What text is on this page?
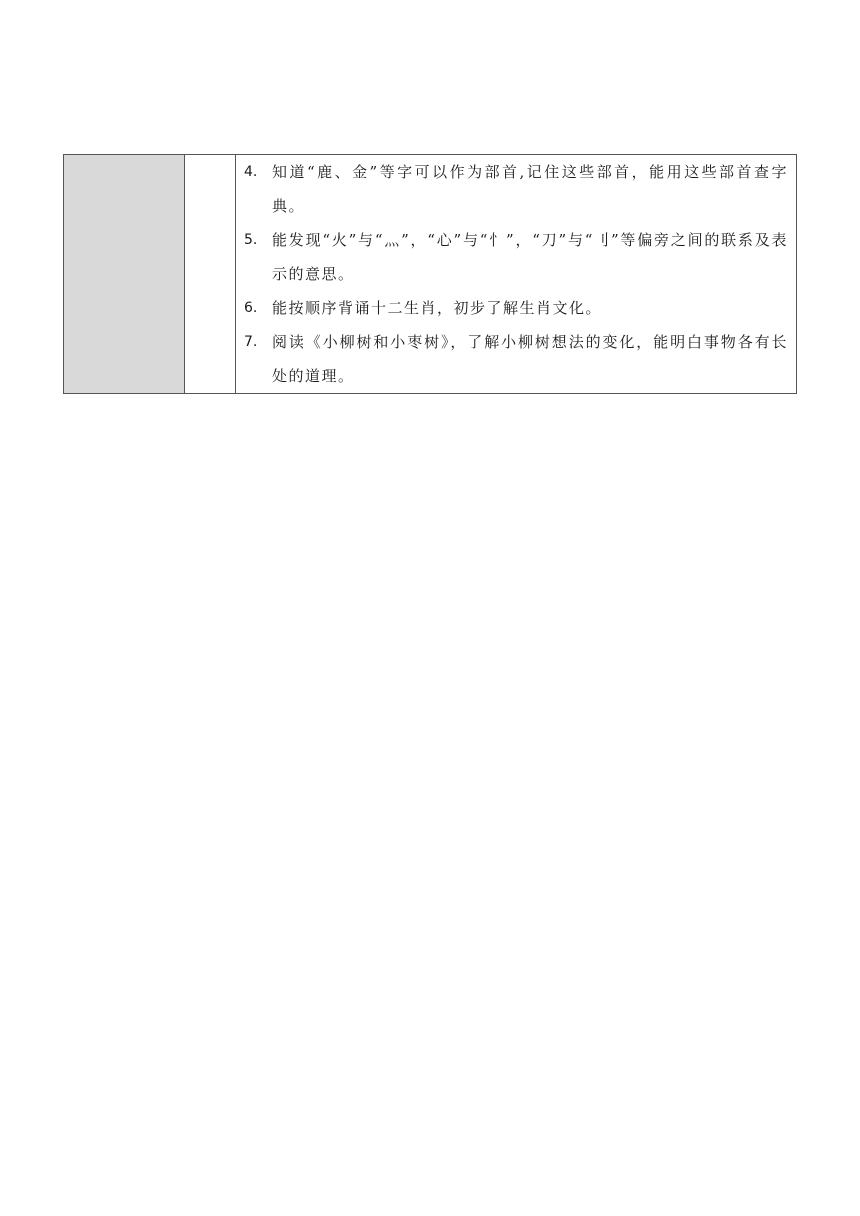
4. 知道“鹿、金”等字可以作为部首,记住这些部首，能用这些部首查字典。
5. 能发现“火”与“灬”，“心”与“忄”，“刀”与“刂”等偏旁之间的联系及表示的意思。
6. 能按顺序背诵十二生肖，初步了解生肖文化。
7. 阅读《小柳树和小枣树》，了解小柳树想法的变化，能明白事物各有长处的道理。
